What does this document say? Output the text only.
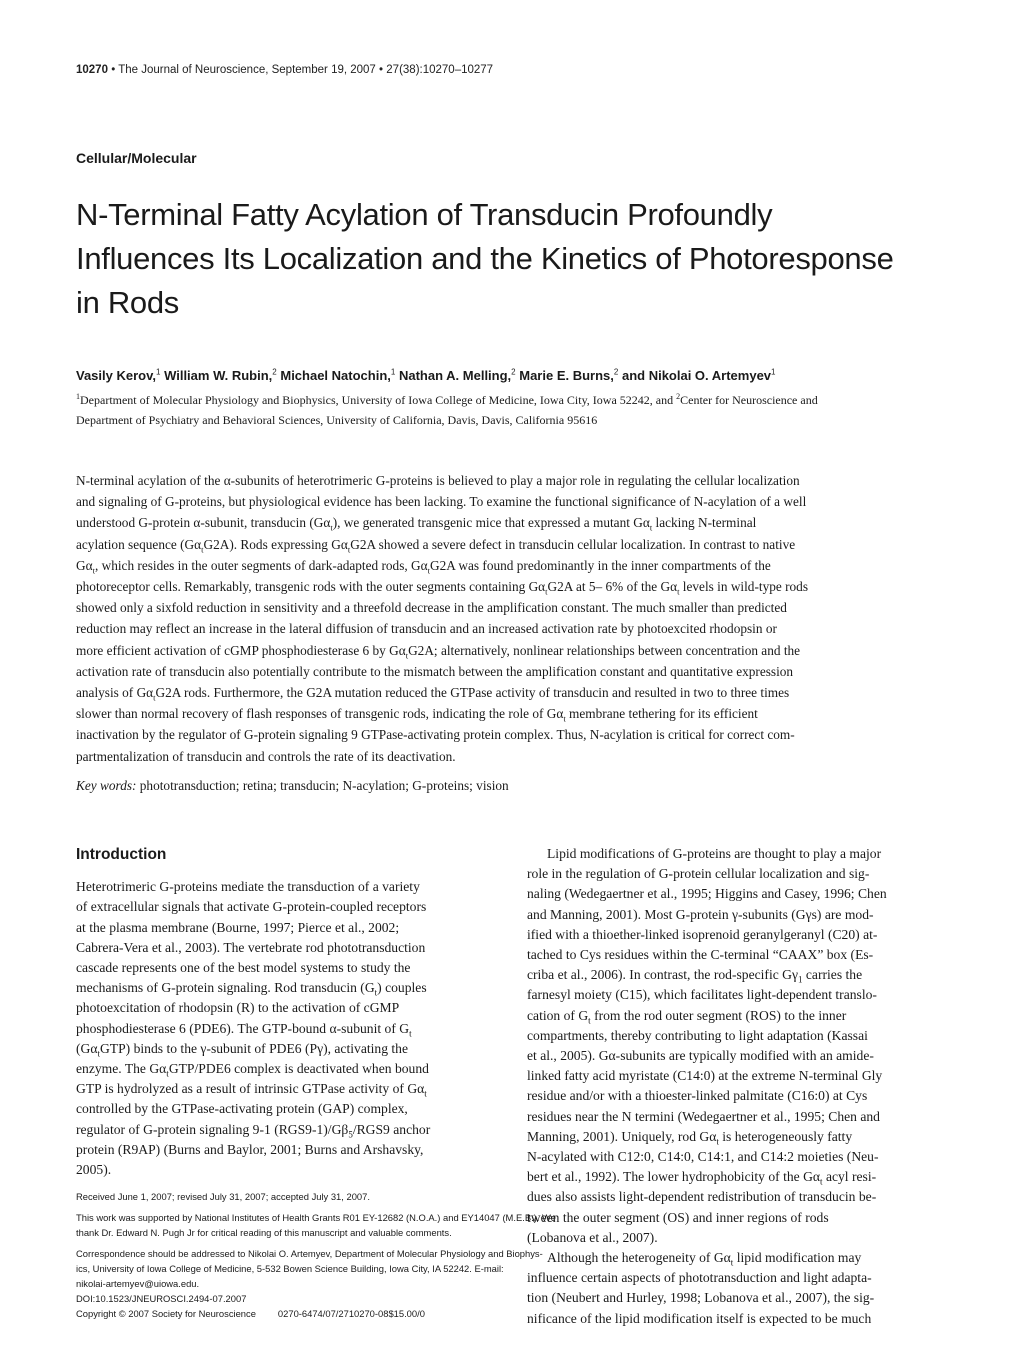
10270 • The Journal of Neuroscience, September 19, 2007 • 27(38):10270–10277
Cellular/Molecular
N-Terminal Fatty Acylation of Transducin Profoundly
Influences Its Localization and the Kinetics of Photoresponse
in Rods
Vasily Kerov,$^1$ William W. Rubin,$^2$ Michael Natochin,$^1$ Nathan A. Melling,$^2$ Marie E. Burns,$^2$ and Nikolai O. Artemyev$^1$
$^1$Department of Molecular Physiology and Biophysics, University of Iowa College of Medicine, Iowa City, Iowa 52242, and $^2$Center for Neuroscience and
Department of Psychiatry and Behavioral Sciences, University of California, Davis, Davis, California 95616
N-terminal acylation of the α-subunits of heterotrimeric G-proteins is believed to play a major role in regulating the cellular localization
and signaling of G-proteins, but physiological evidence has been lacking. To examine the functional significance of N-acylation of a well
understood G-protein α-subunit, transducin $(G\alpha_t)$, we generated transgenic mice that expressed a mutant $G\alpha_t$ lacking N-terminal
acylation sequence $(G\alpha_tG2A)$. Rods expressing $G\alpha_tG2A$ showed a severe defect in transducin cellular localization. In contrast to native
$G\alpha_t$, which resides in the outer segments of dark-adapted rods, $G\alpha_tG2A$ was found predominantly in the inner compartments of the
photoreceptor cells. Remarkably, transgenic rods with the outer segments containing $G\alpha_tG2A$ at 5– 6% of the $G\alpha_t$ levels in wild-type rods
showed only a sixfold reduction in sensitivity and a threefold decrease in the amplification constant. The much smaller than predicted
reduction may reflect an increase in the lateral diffusion of transducin and an increased activation rate by photoexcited rhodopsin or
more efficient activation of cGMP phosphodiesterase 6 by $G\alpha_tG2A$; alternatively, nonlinear relationships between concentration and the
activation rate of transducin also potentially contribute to the mismatch between the amplification constant and quantitative expression
analysis of $G\alpha_tG2A$ rods. Furthermore, the G2A mutation reduced the GTPase activity of transducin and resulted in two to three times
slower than normal recovery of flash responses of transgenic rods, indicating the role of $G\alpha_t$ membrane tethering for its efficient
inactivation by the regulator of G-protein signaling 9 GTPase-activating protein complex. Thus, N-acylation is critical for correct com-
partmentalization of transducin and controls the rate of its deactivation.
Key words: phototransduction; retina; transducin; N-acylation; G-proteins; vision
Introduction

Heterotrimeric G-proteins mediate the transduction of a variety
of extracellular signals that activate G-protein-coupled receptors
at the plasma membrane (Bourne, 1997; Pierce et al., 2002;
Cabrera-Vera et al., 2003). The vertebrate rod phototransduction
cascade represents one of the best model systems to study the
mechanisms of G-protein signaling. Rod transducin $(G_t)$ couples
photoexcitation of rhodopsin (R) to the activation of cGMP
phosphodiesterase 6 (PDE6). The GTP-bound α-subunit of $G_t$
$(G\alpha_tGTP)$ binds to the γ-subunit of PDE6 (Pγ), activating the
enzyme. The $G\alpha_tGTP/PDE6$ complex is deactivated when bound
GTP is hydrolyzed as a result of intrinsic GTPase activity of $G\alpha_t$
controlled by the GTPase-activating protein (GAP) complex,
regulator of G-protein signaling 9-1 $(RGS9-1)/G\beta_5/RGS9$ anchor
protein (R9AP) (Burns and Baylor, 2001; Burns and Arshavsky,
2005).
Lipid modifications of G-proteins are thought to play a major
role in the regulation of G-protein cellular localization and sig-
naling (Wedegaertner et al., 1995; Higgins and Casey, 1996; Chen
and Manning, 2001). Most G-protein γ-subunits (Gγs) are mod-
ified with a thioether-linked isoprenoid geranylgeranyl (C20) at-
tached to Cys residues within the C-terminal “CAAX” box (Es-
criba et al., 2006). In contrast, the rod-specific $G\gamma_1$ carries the
farnesyl moiety (C15), which facilitates light-dependent translo-
cation of $G_t$ from the rod outer segment (ROS) to the inner
compartments, thereby contributing to light adaptation (Kassai
et al., 2005). Gα-subunits are typically modified with an amide-
linked fatty acid myristate (C14:0) at the extreme N-terminal Gly
residue and/or with a thioester-linked palmitate (C16:0) at Cys
residues near the N termini (Wedegaertner et al., 1995; Chen and
Manning, 2001). Uniquely, rod $G\alpha_t$ is heterogeneously fatty
N-acylated with C12:0, C14:0, C14:1, and C14:2 moieties (Neu-
bert et al., 1992). The lower hydrophobicity of the $G\alpha_t$ acyl resi-
dues also assists light-dependent redistribution of transducin be-
tween the outer segment (OS) and inner regions of rods
(Lobanova et al., 2007).
Although the heterogeneity of $G\alpha_t$ lipid modification may
influence certain aspects of phototransduction and light adapta-
tion (Neubert and Hurley, 1998; Lobanova et al., 2007), the sig-
nificance of the lipid modification itself is expected to be much
Received June 1, 2007; revised July 31, 2007; accepted July 31, 2007.
This work was supported by National Institutes of Health Grants R01 EY-12682 (N.O.A.) and EY14047 (M.E.B.). We
thank Dr. Edward N. Pugh Jr for critical reading of this manuscript and valuable comments.
Correspondence should be addressed to Nikolai O. Artemyev, Department of Molecular Physiology and Biophys-
ics, University of Iowa College of Medicine, 5-532 Bowen Science Building, Iowa City, IA 52242. E-mail:
nikolai-artemyev@uiowa.edu.
DOI:10.1523/JNEUROSCI.2494-07.2007
Copyright © 2007 Society for Neuroscience 0270-6474/07/2710270-08$15.00/0
